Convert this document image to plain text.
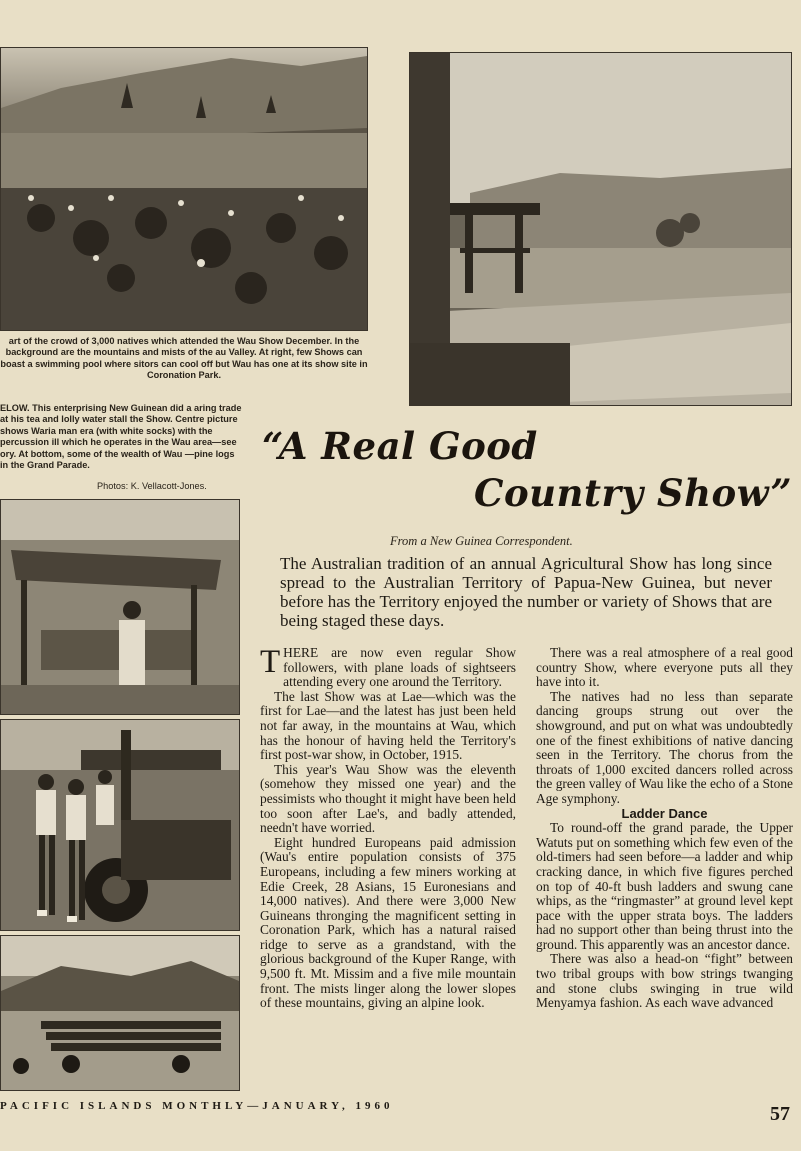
art of the crowd of 3,000 natives which attended the Wau Show December. In the background are the mountains and mists of the au Valley. At right, few Shows can boast a swimming pool where sitors can cool off but Wau has one at its show site in Coronation Park.
ELOW. This enterprising New Guinean did a aring trade at his tea and lolly water stall the Show. Centre picture shows Waria man era (with white socks) with the percussion ill which he operates in the Wau area—see ory. At bottom, some of the wealth of Wau —pine logs in the Grand Parade.
Photos: K. Vellacott-Jones.
“A Real Good
Country Show”
From a New Guinea Correspondent.
The Australian tradition of an annual Agricultural Show has long since spread to the Australian Territory of Papua-New Guinea, but never before has the Territory enjoyed the number or variety of Shows that are being staged these days.

THERE are now even regular Show followers, with plane loads of sightseers attending every one around the Territory.

The last Show was at Lae—which was the first for Lae—and the latest has just been held not far away, in the mountains at Wau, which has the honour of having held the Territory's first post-war show, in October, 1915.

This year's Wau Show was the eleventh (somehow they missed one year) and the pessimists who thought it might have been held too soon after Lae's, and badly attended, needn't have worried.

Eight hundred Europeans paid admission (Wau's entire population consists of 375 Europeans, including a few miners working at Edie Creek, 28 Asians, 15 Euronesians and 14,000 natives). And there were 3,000 New Guineans thronging the magnificent setting in Coronation Park, which has a natural raised ridge to serve as a grandstand, with the glorious background of the Kuper Range, with 9,500 ft. Mt. Missim and a five mile mountain front. The mists linger along the lower slopes of these mountains, giving an alpine look.

There was a real atmosphere of a real good country Show, where everyone puts all they have into it.

The natives had no less than separate dancing groups strung out over the showground, and put on what was undoubtedly one of the finest exhibitions of native dancing seen in the Territory. The chorus from the throats of 1,000 excited dancers rolled across the green valley of Wau like the echo of a Stone Age symphony.

Ladder Dance

To round-off the grand parade, the Upper Watuts put on something which few even of the old-timers had seen before—a ladder and whip cracking dance, in which five figures perched on top of 40-ft bush ladders and swung cane whips, as the “ringmaster” at ground level kept pace with the upper strata boys. The ladders had no support other than being thrust into the ground. This apparently was an ancestor dance.

There was also a head-on “fight” between two tribal groups with bow strings twanging and stone clubs swinging in true wild Menyamya fashion. As each wave advanced

PACIFIC ISLANDS MONTHLY—JANUARY, 1960	57
